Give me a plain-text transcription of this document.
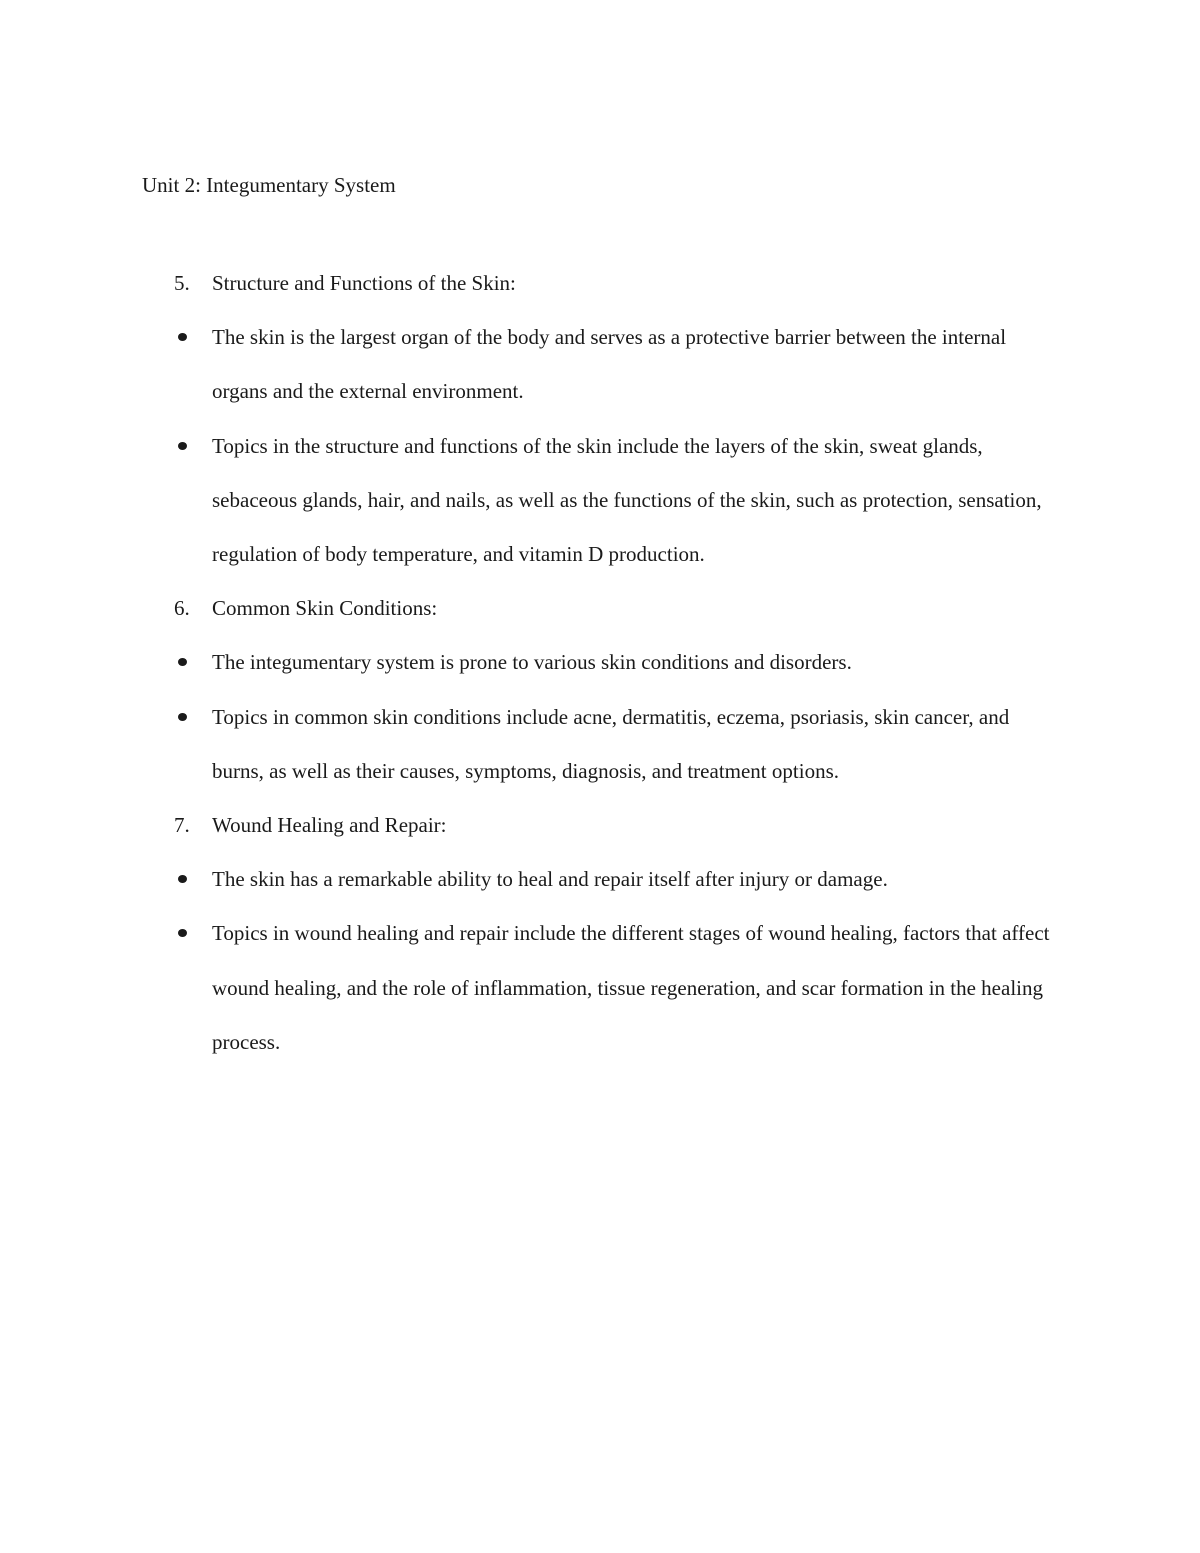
Unit 2: Integumentary System
5.	Structure and Functions of the Skin:
The skin is the largest organ of the body and serves as a protective barrier between the internal organs and the external environment.
Topics in the structure and functions of the skin include the layers of the skin, sweat glands, sebaceous glands, hair, and nails, as well as the functions of the skin, such as protection, sensation, regulation of body temperature, and vitamin D production.
6.	Common Skin Conditions:
The integumentary system is prone to various skin conditions and disorders.
Topics in common skin conditions include acne, dermatitis, eczema, psoriasis, skin cancer, and burns, as well as their causes, symptoms, diagnosis, and treatment options.
7.	Wound Healing and Repair:
The skin has a remarkable ability to heal and repair itself after injury or damage.
Topics in wound healing and repair include the different stages of wound healing, factors that affect wound healing, and the role of inflammation, tissue regeneration, and scar formation in the healing process.
